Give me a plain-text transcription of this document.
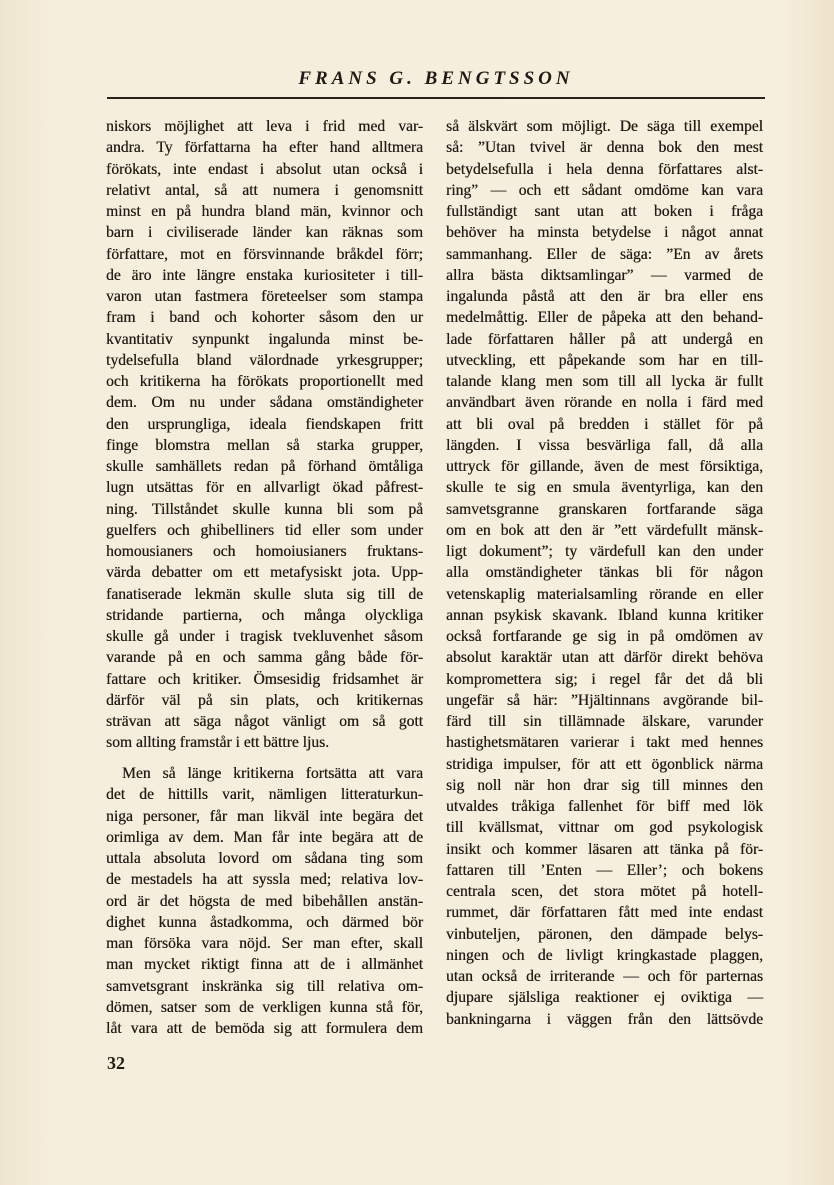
FRANS G. BENGTSSON
niskors möjlighet att leva i frid med var-
andra. Ty författarna ha efter hand alltmera
förökats, inte endast i absolut utan också i
relativt antal, så att numera i genomsnitt
minst en på hundra bland män, kvinnor och
barn i civiliserade länder kan räknas som
författare, mot en försvinnande bråkdel förr;
de äro inte längre enstaka kuriositeter i till-
varon utan fastmera företeelser som stampa
fram i band och kohorter såsom den ur
kvantitativ synpunkt ingalunda minst be-
tydelsefulla bland välordnade yrkesgrupper;
och kritikerna ha förökats proportionellt med
dem. Om nu under sådana omständigheter
den ursprungliga, ideala fiendskapen fritt
finge blomstra mellan så starka grupper,
skulle samhällets redan på förhand ömtåliga
lugn utsättas för en allvarligt ökad påfrest-
ning. Tillståndet skulle kunna bli som på
guelfers och ghibelliners tid eller som under
homousianers och homoiusianers fruktans-
värda debatter om ett metafysiskt jota. Upp-
fanatiserade lekmän skulle sluta sig till de
stridande partierna, och många olyckliga
skulle gå under i tragisk tvekluvenhet såsom
varande på en och samma gång både för-
fattare och kritiker. Ömsesidig fridsamhet är
därför väl på sin plats, och kritikernas
strävan att säga något vänligt om så gott
som allting framstår i ett bättre ljus.
Men så länge kritikerna fortsätta att vara
det de hittills varit, nämligen litteraturkun-
niga personer, får man likväl inte begära det
orimliga av dem. Man får inte begära att de
uttala absoluta lovord om sådana ting som
de mestadels ha att syssla med; relativa lov-
ord är det högsta de med bibehållen anstän-
dighet kunna åstadkomma, och därmed bör
man försöka vara nöjd. Ser man efter, skall
man mycket riktigt finna att de i allmänhet
samvetsgrant inskränka sig till relativa om-
dömen, satser som de verkligen kunna stå för,
låt vara att de bemöda sig att formulera dem
så älskvärt som möjligt. De säga till exempel
så: ”Utan tvivel är denna bok den mest
betydelsefulla i hela denna författares alst-
ring” — och ett sådant omdöme kan vara
fullständigt sant utan att boken i fråga
behöver ha minsta betydelse i något annat
sammanhang. Eller de säga: ”En av årets
allra bästa diktsamlingar” — varmed de
ingalunda påstå att den är bra eller ens
medelmåttig. Eller de påpeka att den behand-
lade författaren håller på att undergå en
utveckling, ett påpekande som har en till-
talande klang men som till all lycka är fullt
användbart även rörande en nolla i färd med
att bli oval på bredden i stället för på
längden. I vissa besvärliga fall, då alla
uttryck för gillande, även de mest försiktiga,
skulle te sig en smula äventyrliga, kan den
samvetsgranne granskaren fortfarande säga
om en bok att den är ”ett värdefullt mänsk-
ligt dokument”; ty värdefull kan den under
alla omständigheter tänkas bli för någon
vetenskaplig materialsamling rörande en eller
annan psykisk skavank. Ibland kunna kritiker
också fortfarande ge sig in på omdömen av
absolut karaktär utan att därför direkt behöva
kompromettera sig; i regel får det då bli
ungefär så här: ”Hjältinnans avgörande bil-
färd till sin tillämnade älskare, varunder
hastighetsmätaren varierar i takt med hennes
stridiga impulser, för att ett ögonblick närma
sig noll när hon drar sig till minnes den
utvaldes tråkiga fallenhet för biff med lök
till kvällsmat, vittnar om god psykologisk
insikt och kommer läsaren att tänka på för-
fattaren till ’Enten — Eller’; och bokens
centrala scen, det stora mötet på hotell-
rummet, där författaren fått med inte endast
vinbuteljen, päronen, den dämpade belys-
ningen och de livligt kringkastade plaggen,
utan också de irriterande — och för parternas
djupare själsliga reaktioner ej oviktiga —
bankningarna i väggen från den lättsövde
32
